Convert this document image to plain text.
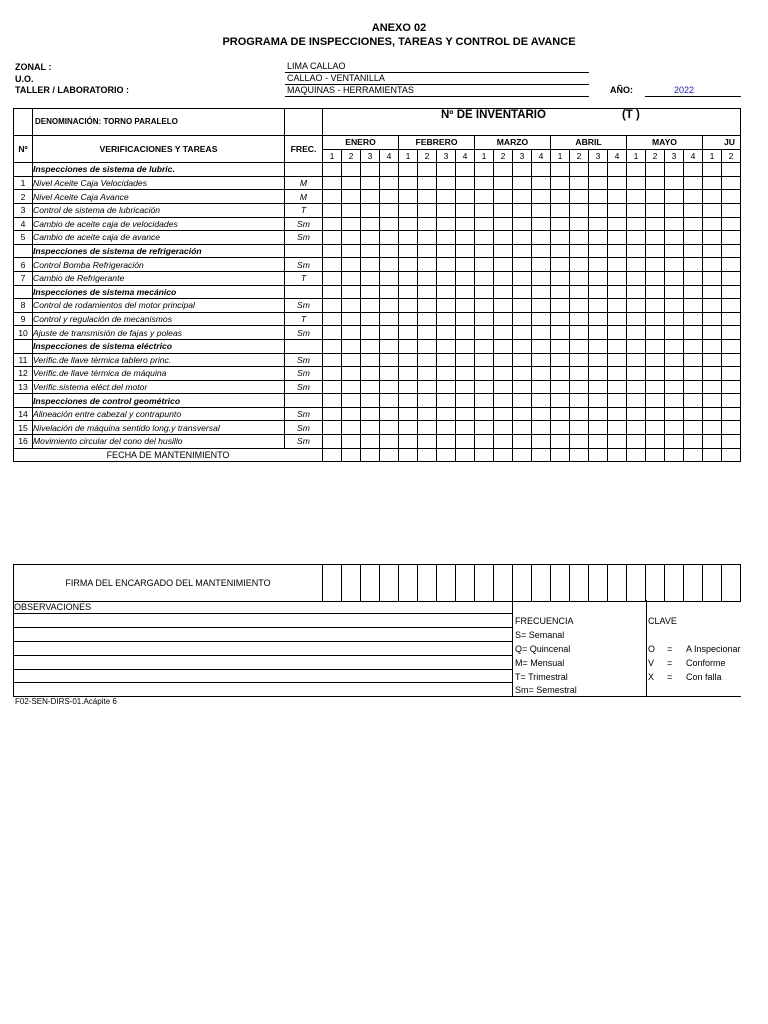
ANEXO 02
PROGRAMA DE INSPECCIONES, TAREAS Y CONTROL DE AVANCE
ZONAL :	LIMA CALLAO
U.O.	CALLAO - VENTANILLA
TALLER / LABORATORIO :	MAQUINAS - HERRAMIENTAS	AÑO:	2022
	DENOMINACIÓN: TORNO PARALELO		Nº DE INVENTARIO (T )																					
Nº	VERIFICACIONES Y TAREAS	FREC.	ENERO				FEBRERO				MARZO				ABRIL				MAYO				JU	
			1	2	3	4	1	2	3	4	1	2	3	4	1	2	3	4	1	2	3	4	1	2
	Inspecciones de sistema de lubric.																							
1	Nivel Aceite Caja Velocidades	M																						
2	Nivel Aceite Caja Avance	M																						
3	Control de sistema de lubricación	T																						
4	Cambio de aceite caja de velocidades	Sm																						
5	Cambio de aceite caja de avance	Sm																						
	Inspecciones de sistema de refrigeración																							
6	Control Bomba Refrigeración	Sm																						
7	Cambio de Refrigerante	T																						
	Inspecciones de sistema mecánico																							
8	Control de rodamientos del motor principal	Sm																						
9	Control y regulación de mecanismos	T																						
10	Ajuste de transmisión de fajas y poleas	Sm																						
	Inspecciones de sistema eléctrico																							
11	Verific.de llave térmica tablero princ.	Sm																						
12	Verific.de llave térmica de máquina	Sm																						
13	Verific.sistema eléct.del motor	Sm																						
	Inspecciones de control geométrico																							
14	Alineación entre cabezal y contrapunto	Sm																						
15	Nivelación de máquina sentido long.y transversal	Sm																						
16	Movimiento circular del cono del husillo	Sm																						
FECHA DE MANTENIMIENTO																								
FIRMA DEL ENCARGADO DEL MANTENIMIENTO																						
OBSERVACIONES
FRECUENCIA
S= Semanal
Q= Quincenal
M= Mensual
T= Trimestral
Sm= Semestral
CLAVE
O = A Inspecionar
V = Conforme
X = Con falla
F02-SEN-DIRS-01.Acápite 6
